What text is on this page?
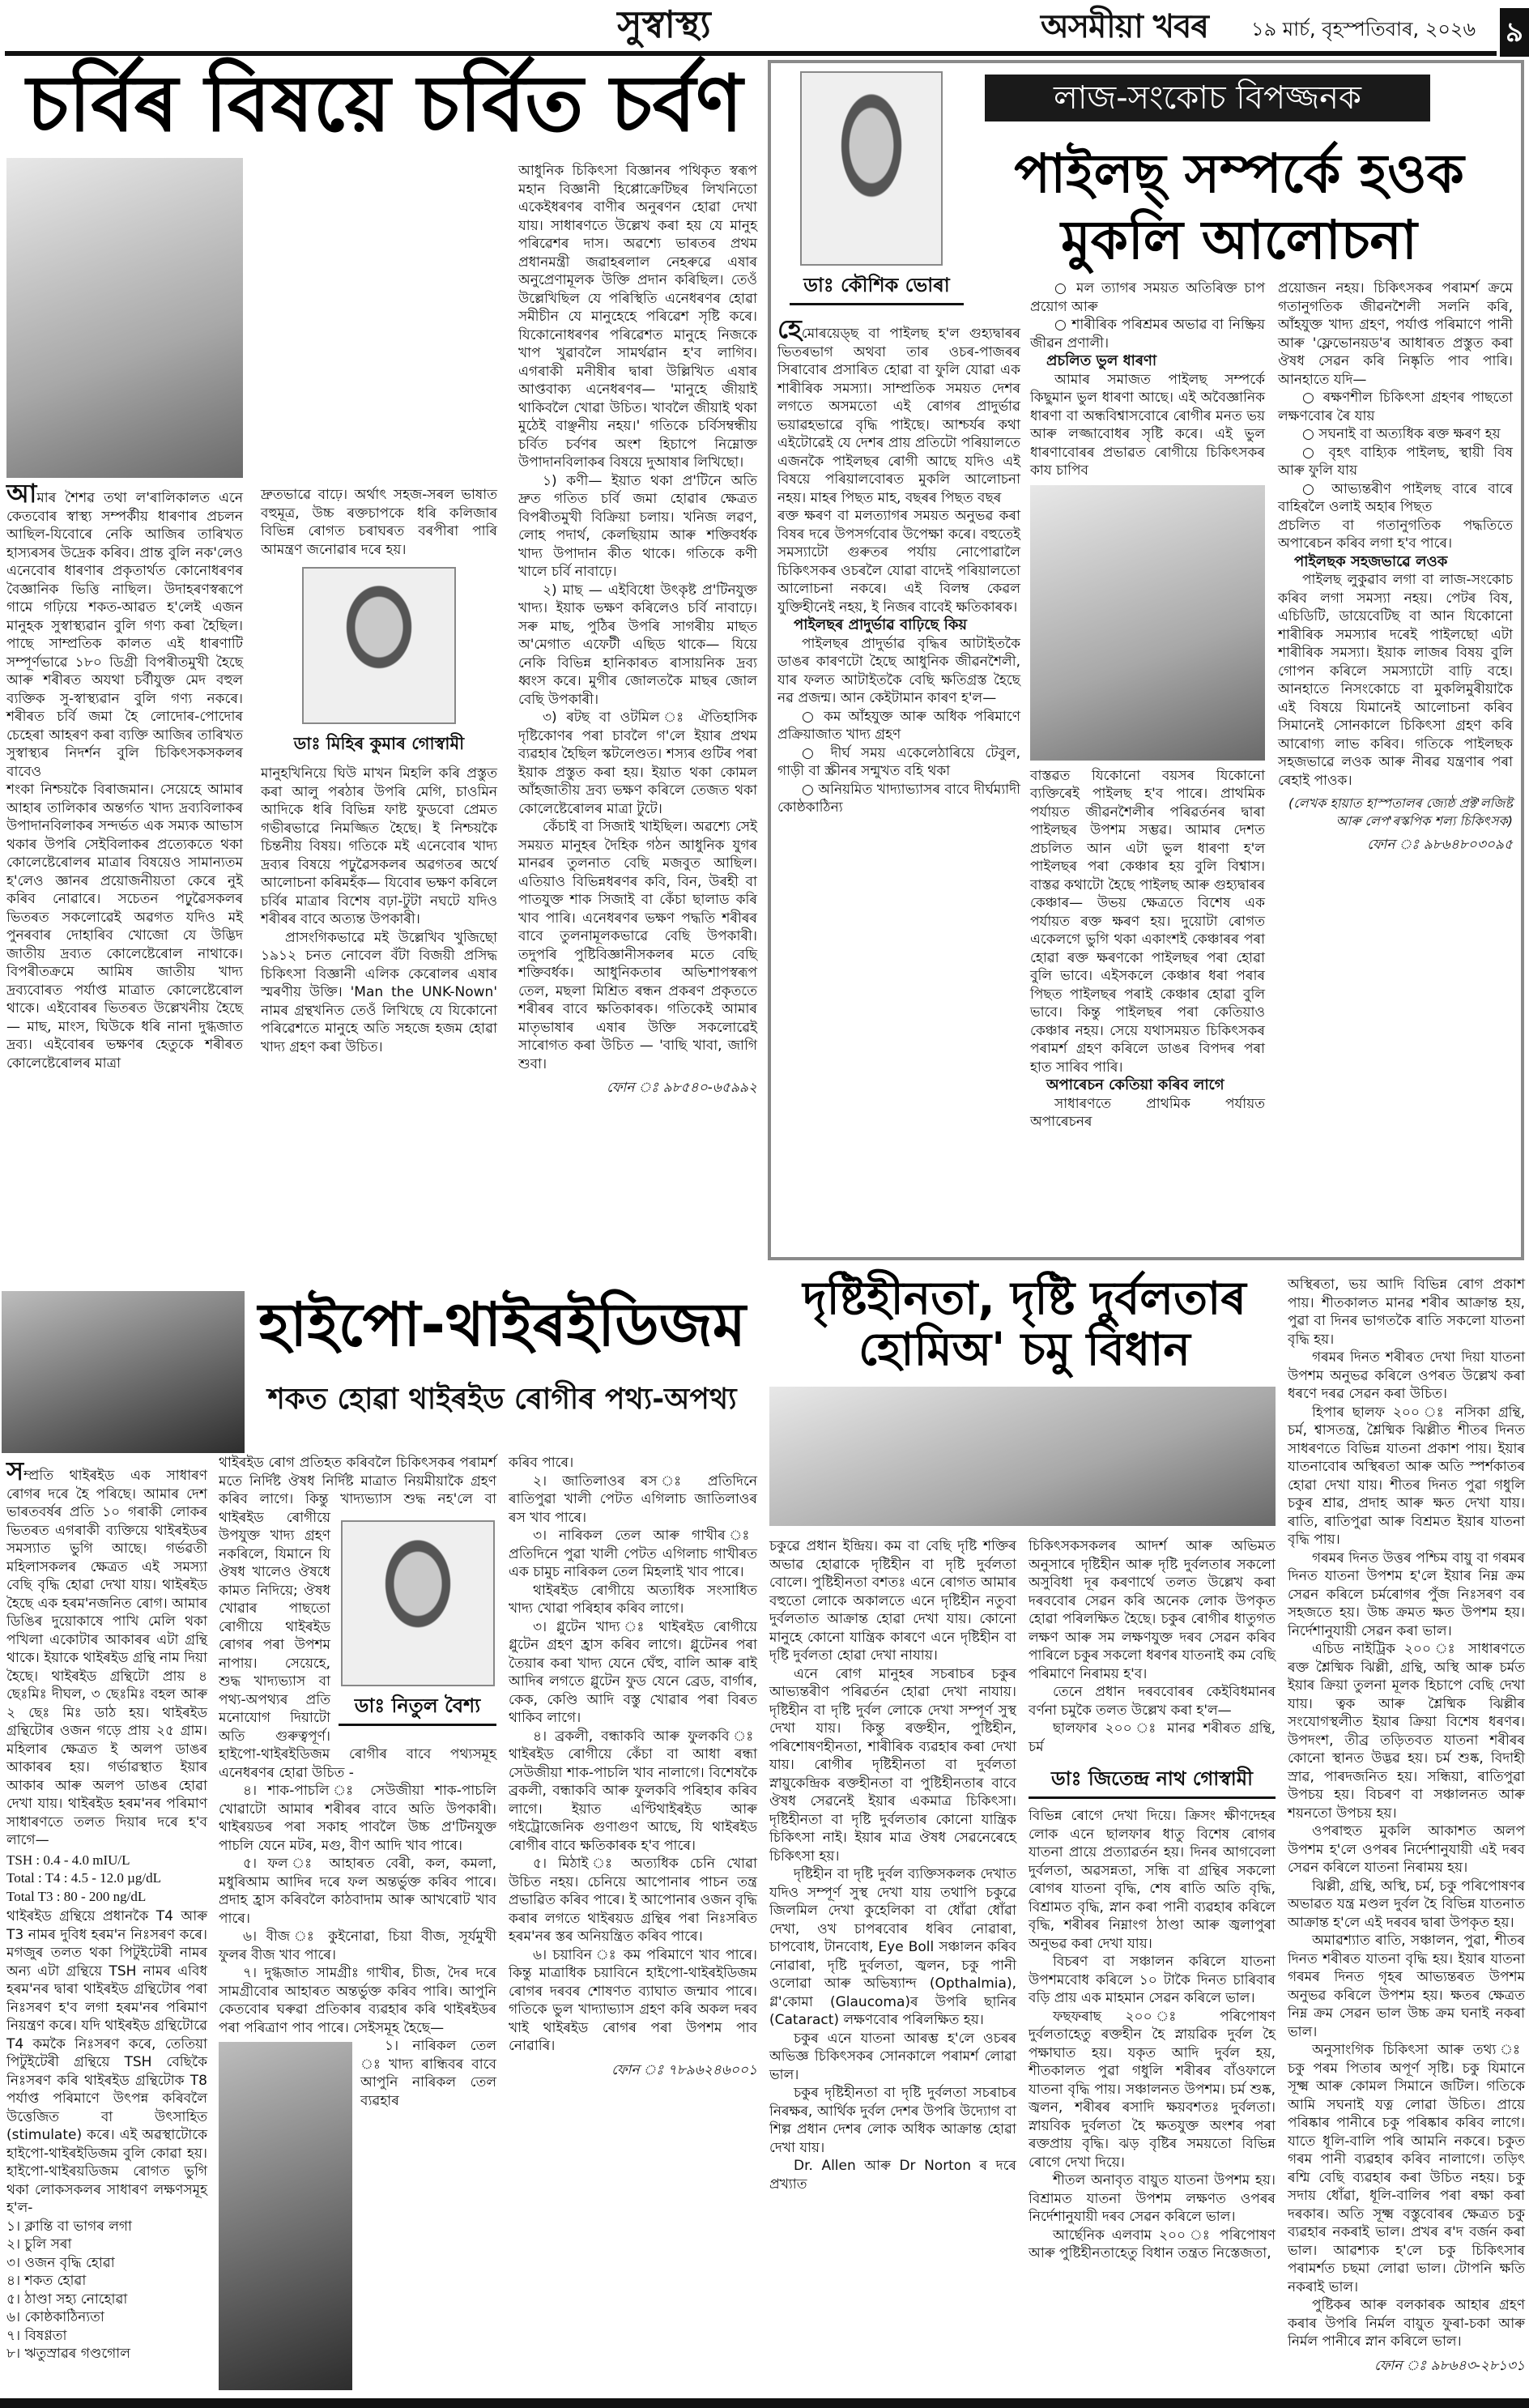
সুস্বাস্থ্য	অসমীয়া খবৰ ১৯ মাৰ্চ, বৃহস্পতিবাৰ, ২০২৬ ৯
চৰ্বিৰ বিষয়ে চৰ্বিত চৰ্বণ

আমাৰ শৈশৱ তথা ল'ৰালিকালত এনে কেতবোৰ স্বাস্থ্য সম্পৰ্কীয় ধাৰণাৰ প্ৰচলন আছিল-যিবোৰে নেকি আজিৰ তাৰিখত হাস্যৰসৰ উদ্ৰেক কৰিব। প্ৰান্ত বুলি নক'লেও এনেবোৰ ধাৰণাৰ প্ৰকৃতাৰ্থত কোনোধৰণৰ বৈজ্ঞানিক ভিত্তি নাছিল। উদাহৰণস্বৰূপে গামে গঢ়িয়ে শকত-আৱত হ'লেই এজন মানুহক সুস্বাস্থ্যৱান বুলি গণ্য কৰা হৈছিল। পাছে সাম্প্ৰতিক কালত এই ধাৰণাটি সম্পূৰ্ণভাৱে ১৮০ ডিগ্ৰী বিপৰীতমুখী হৈছে আৰু শৰীৰত অযথা চৰ্বীযুক্ত মেদ বহুল ব্যক্তিক সু-স্বাস্থ্যৱান বুলি গণ্য নকৰে। শৰীৰত চৰ্বি জমা হৈ লোদোৰ-পোদোৰ চেহেৰা আহৰণ কৰা ব্যক্তি আজিৰ তাৰিখত সুস্বাস্থ্যৰ নিদৰ্শন বুলি চিকিৎসকসকলৰ বাবেও

শংকা নিশ্চয়কৈ বিৰাজমান। সেয়েহে আমাৰ আহাৰ তালিকাৰ অন্তৰ্গত খাদ্য দ্ৰব্যবিলাকৰ উপাদানবিলাকৰ সন্দৰ্ভত এক সম্যক আভাস থকাৰ উপৰি সেইবিলাকৰ প্ৰত্যেকতে থকা কোলেষ্টেৰোলৰ মাত্ৰাৰ বিষয়েও সামান্যতম হ'লেও জ্ঞানৰ প্ৰয়োজনীয়তা কেৰে নুই কৰিব নোৱাৰে। সচেতন পঢ়ুৱৈসকলৰ ভিতৰত সকলোৱেই অৱগত যদিও মই পুনৰবাৰ দোহাৰিব খোজো যে উদ্ভিদ জাতীয় দ্ৰব্যত কোলেষ্টেৰোল নাথাকে। বিপৰীতক্ৰমে আমিষ জাতীয় খাদ্য দ্ৰব্যবোৰত পৰ্যাপ্ত মাত্ৰাত কোলেষ্টেৰোল থাকে। এইবোৰৰ ভিতৰত উল্লেখনীয় হৈছে— মাছ, মাংস, ঘিউকে ধৰি নানা দুগ্ধজাত দ্ৰব্য। এইবোৰৰ ভক্ষণৰ হেতুকে শৰীৰত কোলেষ্টেৰোলৰ মাত্ৰা

দ্ৰুতভাৱে বাঢ়ে। অৰ্থাৎ সহজ-সৰল ভাষাত বহুমূত্ৰ, উচ্চ ৰক্তচাপকে ধৰি কলিজাৰ বিভিন্ন ৰোগত চৰাঘৰত বৰপীৰা পাৰি আমন্ত্ৰণ জনোৱাৰ দৰে হয়।

ডাঃ মিহিৰ কুমাৰ গোস্বামী

মানুহখিনিয়ে ঘিউ মাখন মিহলি কৰি প্ৰস্তুত কৰা আলু পৰঠাৰ উপৰি মেগি, চাওমিন আদিকে ধৰি বিভিন্ন ফাষ্ট ফুডবো প্ৰেমত গভীৰভাৱে নিমজ্জিত হৈছে। ই নিশ্চয়কৈ চিন্তনীয় বিষয়। গতিকে মই এনেবোৰ খাদ্য দ্ৰব্যৰ বিষয়ে পঢ়ুৱৈসকলৰ অৱগতৰ অৰ্থে আলোচনা কৰিমহঁক— যিবোৰ ভক্ষণ কৰিলে চৰ্বিৰ মাত্ৰাৰ বিশেষ বঢ়া-টুটা নঘটে যদিও শৰীৰৰ বাবে অত্যন্ত উপকাৰী।

প্ৰাসংগিকভাৱে মই উল্লেখিব খুজিছো ১৯১২ চনত নোবেল বঁটা বিজয়ী প্ৰসিদ্ধ চিকিৎসা বিজ্ঞানী এলিক কেৰোলৰ এষাৰ স্মৰণীয় উক্তি। 'Man the UNK-Nown' নামৰ গ্ৰন্থখনিত তেওঁ লিখিছে যে যিকোনো পৰিৱেশতে মানুহে অতি সহজে হজম হোৱা খাদ্য গ্ৰহণ কৰা উচিত।

আধুনিক চিকিৎসা বিজ্ঞানৰ পথিকৃত স্বৰূপ মহান বিজ্ঞানী হিপ্পোক্ৰেটিছৰ লিখনিতো একেইধৰণৰ বাণীৰ অনুৰণন হোৱা দেখা যায়। সাধাৰণতে উল্লেখ কৰা হয় যে মানুহ পৰিৱেশৰ দাস। অৱশ্যে ভাৰতৰ প্ৰথম প্ৰধানমন্ত্ৰী জৱাহৰলাল নেহৰুৱে এষাৰ অনুপ্ৰেণামূলক উক্তি প্ৰদান কৰিছিল। তেওঁ উল্লেখিছিল যে পৰিস্থিতি এনেধৰণৰ হোৱা সমীচীন যে মানুহেহে পৰিৱেশ সৃষ্টি কৰে। যিকোনোধৰণৰ পৰিৱেশত মানুহে নিজকে খাপ খুৱাবলৈ সামৰ্থৱান হ'ব লাগিব। এগৰাকী মনীষীৰ দ্বাৰা উল্লিখিত এষাৰ আপ্তবাক্য এনেধৰণৰ— 'মানুহে জীয়াই থাকিবলৈ খোৱা উচিত। খাবলৈ জীয়াই থকা মুঠেই বাঞ্ছনীয় নহয়।' গতিকে চৰ্বিসম্বন্ধীয় চৰ্বিত চৰ্বণৰ অংশ হিচাপে নিম্নোক্ত উপাদানবিলাকৰ বিষয়ে দুআষাৰ লিখিছো।

১) কণী— ইয়াত থকা প্ৰ'টিনে অতি দ্ৰুত গতিত চৰ্বি জমা হোৱাৰ ক্ষেত্ৰত বিপৰীতমুখী বিক্ৰিয়া চলায়। খনিজ লৱণ, লোহ পদাৰ্থ, কেলছিয়াম আৰু শক্তিবৰ্ধক খাদ্য উপাদান কীত থাকে। গতিকে কণী খালে চৰ্বি নাবাঢ়ে।

২) মাছ — এইবিধো উৎকৃষ্ট প্ৰ'টিনযুক্ত খাদ্য। ইয়াক ভক্ষণ কৰিলেও চৰ্বি নাবাঢ়ে। সৰু মাছ, পুঠিৰ উপৰি সাগৰীয় মাছত অ'মেগাত এফেটী এছিড থাকে— যিয়ে নেকি বিভিন্ন হানিকাৰত ৰাসায়নিক দ্ৰব্য ধ্বংস কৰে। মুগীৰ জোলতকৈ মাছৰ জোল বেছি উপকাৰী।

৩) ৰটছ বা ওটমিল ঃ ঐতিহাসিক দৃষ্টিকোণৰ পৰা চাবলৈ গ'লে ইয়াৰ প্ৰথম ব্যৱহাৰ হৈছিল স্কটলেণ্ডত। শস্যৰ গুটিৰ পৰা ইয়াক প্ৰস্তুত কৰা হয়। ইয়াত থকা কোমল আঁহজাতীয় দ্ৰব্য ভক্ষণ কৰিলে তেজত থকা কোলেষ্টেৰোলৰ মাত্ৰা টুটে।

কেঁচাই বা সিজাই খাইছিল। অৱশ্যে সেই সময়ত মানুহৰ দৈহিক গঠন আধুনিক যুগৰ মানৱৰ তুলনাত বেছি মজবুত আছিল। এতিয়াও বিভিন্নধৰণৰ কবি, বিন, উৰহী বা পাতযুক্ত শাক সিজাই বা কেঁচা ছালাড কৰি খাব পাৰি। এনেধৰণৰ ভক্ষণ পদ্ধতি শৰীৰৰ বাবে তুলনামূলকভাৱে বেছি উপকাৰী। তদুপৰি পুষ্টিবিজ্ঞানীসকলৰ মতে বেছি শক্তিবৰ্ধক। আধুনিকতাৰ অভিশাপস্বৰূপ তেল, মছলা মিশ্ৰিত ৰন্ধন প্ৰকৰণ প্ৰকৃততে শৰীৰৰ বাবে ক্ষতিকাৰক। গতিকেই আমাৰ মাতৃভাষাৰ এষাৰ উক্তি সকলোৱেই সাৰোগত কৰা উচিত — 'বাছি খাবা, জাগি শুবা।

ফোন ঃ ৯৮৫৪০-৬৫৯৯২
ডাঃ কৌশিক ভোৰা
লাজ-সংকোচ বিপজ্জনক
পাইলছ্‌ সম্পৰ্কে হওক
মুকলি আলোচনা

হেমোৰয়েড্‌ছ বা পাইলছ হ'ল গুহ্যদ্বাৰৰ ভিতৰভাগ অথবা তাৰ ওচৰ-পাজৰৰ সিৰাবোৰ প্ৰসাৰিত হোৱা বা ফুলি যোৱা এক শাৰীৰিক সমস্যা। সাম্প্ৰতিক সময়ত দেশৰ লগতে অসমতো এই ৰোগৰ প্ৰাদুৰ্ভাৱ ভয়াৱহভাৱে বৃদ্ধি পাইছে। আশ্চৰ্যৰ কথা এইটোৱেই যে দেশৰ প্ৰায় প্ৰতিটো পৰিয়ালতে এজনকৈ পাইলছৰ ৰোগী আছে যদিও এই বিষয়ে পৰিয়ালবোৰত মুকলি আলোচনা নহয়। মাহৰ পিছত মাহ, বছৰৰ পিছত বছৰ

ৰক্ত ক্ষৰণ বা মলত্যাগৰ সময়ত অনুভৱ কৰা বিষৰ দৰে উপসৰ্গবোৰ উপেক্ষা কৰে। বহুতেই সমস্যাটো গুৰুতৰ পৰ্যায় নোপোৱালৈ চিকিৎসকৰ ওচৰলৈ যোৱা বাদেই পৰিয়ালতো আলোচনা নকৰে। এই বিলম্ব কেৱল যুক্তিহীনেই নহয়, ই নিজৰ বাবেই ক্ষতিকাৰক।

পাইলছৰ প্ৰাদুৰ্ভাৱ বাঢ়িছে কিয়

পাইলছৰ প্ৰাদুৰ্ভাৱ বৃদ্ধিৰ আটাইতকৈ ডাঙৰ কাৰণটো হৈছে আধুনিক জীৱনশৈলী, যাৰ ফলত আটাইতকৈ বেছি ক্ষতিগ্ৰস্ত হৈছে নৱ প্ৰজন্ম। আন কেইটামান কাৰণ হ'ল—

○ কম আঁহযুক্ত আৰু অধিক পৰিমাণে প্ৰক্ৰিয়াজাত খাদ্য গ্ৰহণ

○ দীৰ্ঘ সময় একেলেঠাৰিয়ে টেবুল, গাড়ী বা স্ক্ৰীনৰ সন্মুখত বহি থকা

○ অনিয়মিত খাদ্যাভ্যাসৰ বাবে দীৰ্ঘম্যাদী কোষ্ঠকাঠিন্য

○ মল ত্যাগৰ সময়ত অতিৰিক্ত চাপ প্ৰয়োগ আৰু

○ শাৰীৰিক পৰিশ্ৰমৰ অভাৱ বা নিষ্ক্ৰিয় জীৱন প্ৰণালী।

প্ৰচলিত ভুল ধাৰণা

আমাৰ সমাজত পাইলছ সম্পৰ্কে কিছুমান ভুল ধাৰণা আছে। এই অবৈজ্ঞানিক ধাৰণা বা অন্ধবিশ্বাসবোৰে ৰোগীৰ মনত ভয় আৰু লজ্জাবোধৰ সৃষ্টি কৰে। এই ভুল ধাৰণাবোৰৰ প্ৰভাৱত ৰোগীয়ে চিকিৎসকৰ কায চাপিব

বাস্তৱত যিকোনো বয়সৰ যিকোনো ব্যক্তিৰেই পাইলছ হ'ব পাৰে। প্ৰাথমিক পৰ্যায়ত জীৱনশৈলীৰ পৰিৱৰ্তনৰ দ্বাৰা পাইলছৰ উপশম সম্ভৱ। আমাৰ দেশত প্ৰচলিত আন এটা ভুল ধাৰণা হ'ল পাইলছৰ পৰা কেঞ্চাৰ হয় বুলি বিশ্বাস। বাস্তৱ কথাটো হৈছে পাইলছ আৰু গুহ্যদ্বাৰৰ কেঞ্চাৰ— উভয় ক্ষেত্ৰতে বিশেষ এক পৰ্যায়ত ৰক্ত ক্ষৰণ হয়। দুয়োটা ৰোগত একেলগে ভুগি থকা একাংশই কেঞ্চাৰৰ পৰা হোৱা ৰক্ত ক্ষৰণকো পাইলছৰ পৰা হোৱা বুলি ভাবে। এইসকলে কেঞ্চাৰ ধৰা পৰাৰ পিছত পাইলছৰ পৰাই কেঞ্চাৰ হোৱা বুলি ভাবে। কিন্তু পাইলছৰ পৰা কেতিয়াও কেঞ্চাৰ নহয়। সেয়ে যথাসময়ত চিকিৎসকৰ পৰামৰ্শ গ্ৰহণ কৰিলে ডাঙৰ বিপদৰ পৰা হাত সাৰিব পাৰি।

অপাৰেচন কেতিয়া কৰিব লাগে

সাধাৰণতে প্ৰাথমিক পৰ্যায়ত অপাৰেচনৰ

প্ৰয়োজন নহয়। চিকিৎসকৰ পৰামৰ্শ ক্ৰমে গতানুগতিক জীৱনশৈলী সলনি কৰি, আঁহযুক্ত খাদ্য গ্ৰহণ, পৰ্যাপ্ত পৰিমাণে পানী আৰু 'ফ্লেভোনয়ড'ৰ আধাৰত প্ৰস্তুত কৰা ঔষধ সেৱন কৰি নিষ্কৃতি পাব পাৰি। আনহাতে যদি—

○ ৰক্ষণশীল চিকিৎসা গ্ৰহণৰ পাছতো লক্ষণবোৰ ৰৈ যায়

○ সঘনাই বা অত্যধিক ৰক্ত ক্ষৰণ হয়

○ বৃহৎ বাহ্যিক পাইলছ, স্থায়ী বিষ আৰু ফুলি যায়

○ আভ্যন্তৰীণ পাইলছ বাৰে বাৰে বাহিৰলৈ ওলাই অহাৰ পিছত

প্ৰচলিত বা গতানুগতিক পদ্ধতিতে অপাৰেচন কৰিব লগা হ'ব পাৰে।

পাইলছক সহজভাৱে লওক

পাইলছ লুকুৱাব লগা বা লাজ-সংকোচ কৰিব লগা সমস্যা নহয়। পেটৰ বিষ, এচিডিটি, ডায়েবেটিছ বা আন যিকোনো শাৰীৰিক সমস্যাৰ দৰেই পাইলছো এটা শাৰীৰিক সমস্যা। ইয়াক লাজৰ বিষয় বুলি গোপন কৰিলে সমস্যাটো বাঢ়ি বহে। আনহাতে নিসংকোচে বা মুকলিমুৰীয়াকৈ এই বিষয়ে যিমানেই আলোচনা কৰিব সিমানেই সোনকালে চিকিৎসা গ্ৰহণ কৰি আৰোগ্য লাভ কৰিব। গতিকে পাইলছক সহজভাৱে লওক আৰু নীৰৱ যন্ত্ৰণাৰ পৰা ৰেহাই পাওক।

(লেখক হায়াত হাস্পতালৰ জ্যেষ্ঠ প্ৰক্ট'লজিষ্ট আৰু লেপ'ৰস্কপিক শল্য চিকিৎসক)
ফোন ঃ ৯৮৬৪৮০৩০৯৫
হাইপো-থাইৰইডিজম
শকত হোৱা থাইৰইড ৰোগীৰ পথ্য-অপথ্য

সম্প্ৰতি থাইৰইড এক সাধাৰণ ৰোগৰ দৰে হৈ পৰিছে। আমাৰ দেশ ভাৰতবৰ্ষৰ প্ৰতি ১০ গৰাকী লোকৰ ভিতৰত এগৰাকী ব্যক্তিয়ে থাইৰইডৰ সমস্যাত ভুগি আছে। গৰ্ভৱতী মহিলাসকলৰ ক্ষেত্ৰত এই সমস্যা বেছি বৃদ্ধি হোৱা দেখা যায়। থাইৰইড হৈছে এক হৰম'নজনিত ৰোগ। আমাৰ ডিঙিৰ দুয়োকাষে পাখি মেলি থকা পখিলা একোটাৰ আকাৰৰ এটা গ্ৰন্থি থাকে। ইয়াকে থাইৰইড গ্ৰন্থি নাম দিয়া হৈছে। থাইৰইড গ্ৰন্থিটো প্ৰায় ৪ ছেঃমিঃ দীঘল, ৩ ছেঃমিঃ বহল আৰু ২ ছেঃ মিঃ ডাঠ হয়। থাইৰইড গ্ৰন্থিটোৰ ওজন গড়ে প্ৰায় ২৫ গ্ৰাম। মহিলাৰ ক্ষেত্ৰত ই অলপ ডাঙৰ আকাৰৰ হয়। গৰ্ভাৱস্থাত ইয়াৰ আকাৰ আৰু অলপ ডাঙৰ হোৱা দেখা যায়। থাইৰইড হৰম'নৰ পৰিমাণ সাধাৰণতে তলত দিয়াৰ দৰে হ'ব লাগে—

TSH : 0.4 - 4.0 mIU/L
Total : T4 : 4.5 - 12.0 µg/dL
Total T3 : 80 - 200 ng/dL

থাইৰইড গ্ৰন্থিয়ে প্ৰধানকৈ T4 আৰু T3 নামৰ দুবিধ হৰম'ন নিঃসৰণ কৰে। মগজুৰ তলত থকা পিটুইটেৰী নামৰ অন্য এটা গ্ৰন্থিয়ে TSH নামৰ এবিধ হৰম'নৰ দ্বাৰা থাইৰইড গ্ৰন্থিটোৰ পৰা নিঃসৰণ হ'ব লগা হৰম'নৰ পৰিমাণ নিয়ন্ত্ৰণ কৰে। যদি থাইৰইড গ্ৰন্থিটোৱে T4 কমকৈ নিঃসৰণ কৰে, তেতিয়া পিটুইটেৰী গ্ৰন্থিয়ে TSH বেছিকৈ নিঃসৰণ কৰি থাইৰইড গ্ৰন্থিটোক T8 পৰ্যাপ্ত পৰিমাণে উৎপন্ন কৰিবলৈ উত্তেজিত বা উৎসাহিত (stimulate) কৰে। এই অৱস্থাটোকে হাইপো-থাইৰইডিজম বুলি কোৱা হয়। হাইপো-থাইৰয়ডিজম ৰোগত ভুগি থকা লোকসকলৰ সাধাৰণ লক্ষণসমূহ হ'ল-

১। ক্লান্তি বা ভাগৰ লগা

২। চুলি সৰা

৩। ওজন বৃদ্ধি হোৱা

৪। শকত হোৱা

৫। ঠাণ্ডা সহ্য নোহোৱা

৬। কোষ্ঠকাঠিন্যতা

৭। বিষণ্ণতা

৮। ঋতুস্ৰাৱৰ গণ্ডগোল

ডাঃ নিতুল বৈশ্য

থাইৰইড ৰোগ প্ৰতিহত কৰিবলৈ চিকিৎসকৰ পৰামৰ্শ মতে নিৰ্দিষ্ট ঔষধ নিৰ্দিষ্ট মাত্ৰাত নিয়মীয়াকৈ গ্ৰহণ কৰিব লাগে। কিন্তু খাদ্যভ্যাস শুদ্ধ নহ'লে বা থাইৰইড ৰোগীয়ে উপযুক্ত খাদ্য গ্ৰহণ নকৰিলে, যিমানে যি ঔষধ খালেও ঔষধে কামত নিদিয়ে; ঔষধ খোৱাৰ পাছতো ৰোগীয়ে থাইৰইড ৰোগৰ পৰা উপশম নাপায়। সেয়েহে, শুদ্ধ খাদ্যভ্যাস বা পথ্য-অপথ্যৰ প্ৰতি মনোযোগ দিয়াটো অতি গুৰুত্বপূৰ্ণ। হাইপো-থাইৰইডিজম ৰোগীৰ বাবে পথ্যসমূহ এনেধৰণৰ হোৱা উচিত -

৪। শাক-পাচলি ঃ সেউজীয়া শাক-পাচলি খোৱাটো আমাৰ শৰীৰৰ বাবে অতি উপকাৰী। থাইৰয়ডৰ পৰা সকাহ পাবলৈ উচ্চ প্ৰ'টিনযুক্ত পাচলি যেনে মটৰ, মগু, বীণ আদি খাব পাৰে।

৫। ফল ঃ আহাৰত বেৰী, কল, কমলা, মধুৰিআম আদিৰ দৰে ফল অন্তৰ্ভুক্ত কৰিব পাৰে। প্ৰদাহ হ্ৰাস কৰিবলৈ কাঠবাদাম আৰু আখৰোট খাব পাৰে।

৬। বীজ ঃ কুইনোৱা, চিয়া বীজ, সূৰ্যমুখী ফুলৰ বীজ খাব পাৰে।

৭। দুগ্ধজাত সামগ্ৰীঃ গাখীৰ, চীজ, দৈৰ দৰে সামগ্ৰীবোৰ আহাৰত অন্তৰ্ভুক্ত কৰিব পাৰি। আপুনি কেতবোৰ ঘৰুৱা প্ৰতিকাৰ ব্যৱহাৰ কৰি থাইৰইডৰ পৰা পৰিত্ৰাণ পাব পাৰে। সেইসমূহ হৈছে—

১। নাৰিকল তেল ঃ খাদ্য ৰান্ধিবৰ বাবে আপুনি নাৰিকল তেল ব্যৱহাৰ

কৰিব পাৰে।

২। জাতিলাওৰ ৰস ঃ প্ৰতিদিনে ৰাতিপুৱা খালী পেটত এগিলাচ জাতিলাওৰ ৰস খাব পাৰে।

৩। নাৰিকল তেল আৰু গাখীৰ ঃ প্ৰতিদিনে পুৱা খালী পেটত এগিলাচ গাখীৰত এক চামুচ নাৰিকল তেল মিহলাই খাব পাৰে।

থাইৰইড ৰোগীয়ে অত্যধিক সংসাধিত খাদ্য খোৱা পৰিহাৰ কৰিব লাগে।

৩। গ্লুটেন খাদ্য ঃ থাইৰইড ৰোগীয়ে গ্লুটেন গ্ৰহণ হ্ৰাস কৰিব লাগে। গ্লুটেনৰ পৰা তৈয়াৰ কৰা খাদ্য যেনে ঘেঁহু, বালি আৰু ৰাই আদিৰ লগতে গ্লুটেন ফুড যেনে ব্ৰেড, বাৰ্গাৰ, কেক, কেণ্ডি আদি বস্তু খোৱাৰ পৰা বিৰত থাকিব লাগে।

৪। ব্ৰকলী, বন্ধাকবি আৰু ফুলকবি ঃ থাইৰইড ৰোগীয়ে কেঁচা বা আধা ৰন্ধা সেউজীয়া শাক-পাচলি খাব নালাগে। বিশেষকৈ ব্ৰকলী, বন্ধাকবি আৰু ফুলকবি পৰিহাৰ কৰিব লাগে। ইয়াত এণ্টিথাইৰইড আৰু গইট্ৰোজেনিক গুণাগুণ আছে, যি থাইৰইড ৰোগীৰ বাবে ক্ষতিকাৰক হ'ব পাৰে।

৫। মিঠাই ঃ অত্যধিক চেনি খোৱা উচিত নহয়। চেনিয়ে আপোনাৰ পাচন তন্ত্ৰ প্ৰভাৱিত কৰিব পাৰে। ই আপোনাৰ ওজন বৃদ্ধি কৰাৰ লগতে থাইৰয়ড গ্ৰন্থিৰ পৰা নিঃসৰিত হৰম'নৰ স্তৰ অনিয়ন্ত্ৰিত কৰিব পাৰে।

৬। চয়াবিন ঃ কম পৰিমাণে খাব পাৰে। কিন্তু মাত্ৰাধিক চয়াবিনে হাইপো-থাইৰইডিজম ৰোগৰ দৰবৰ শোষণত ব্যাঘাত জন্মাব পাৰে। গতিকে ভুল খাদ্যাভ্যাস গ্ৰহণ কৰি অকল দৰব খাই থাইৰইড ৰোগৰ পৰা উপশম পাব নোৱাৰি।

ফোন ঃ ৭৮৯৬২৪৬০০১
দৃষ্টিহীনতা, দৃষ্টি দুৰ্বলতাৰ
হোমিঅ' চমু বিধান

চকুৱে প্ৰধান ইন্দ্ৰিয়। কম বা বেছি দৃষ্টি শক্তিৰ অভাৱ হোৱাকে দৃষ্টিহীন বা দৃষ্টি দুৰ্বলতা বোলে। পুষ্টিহীনতা বশতঃ এনে ৰোগত আমাৰ বহুতো লোকে অকালতে এনে দৃষ্টিহীন নতুবা দুৰ্বলতাত আক্ৰান্ত হোৱা দেখা যায়। কোনো মানুহে কোনো যান্ত্ৰিক কাৰণে এনে দৃষ্টিহীন বা দৃষ্টি দুৰ্বলতা হোৱা দেখা নাযায়।

এনে ৰোগ মানুহৰ সচৰাচৰ চকুৰ আভ্যন্তৰীণ পৰিৱৰ্তন হোৱা দেখা নাযায়। দৃষ্টিহীন বা দৃষ্টি দুৰ্বল লোকে দেখা সম্পূৰ্ণ সুস্থ দেখা যায়। কিন্তু ৰক্তহীন, পুষ্টিহীন, পৰিশোষণহীনতা, শাৰীৰিক ব্যৱহাৰ কৰা দেখা যায়। ৰোগীৰ দৃষ্টিহীনতা বা দুৰ্বলতা স্নায়ুকেন্দ্ৰিক ৰক্তহীনতা বা পুষ্টিহীনতাৰ বাবে ঔষধ সেৱনেই ইয়াৰ একমাত্ৰ চিকিৎসা। দৃষ্টিহীনতা বা দৃষ্টি দুৰ্বলতাৰ কোনো যান্ত্ৰিক চিকিৎসা নাই। ইয়াৰ মাত্ৰ ঔষধ সেৱনেৰেহে চিকিৎসা হয়।

দৃষ্টিহীন বা দৃষ্টি দুৰ্বল ব্যক্তিসকলক দেখাত যদিও সম্পূৰ্ণ সুস্থ দেখা যায় তথাপি চকুৱে জিলমিল দেখা কুহেলিকা বা ধোঁৱা ধোঁৱা দেখা, ওখ চাপৰবোৰ ধৰিব নোৱাৰা, চাপবোধ, টানবোধ, Eye Boll সঞ্চালন কৰিব নোৱাৰা, দৃষ্টি দুৰ্বলতা, জ্বলন, চকু পানী ওলোৱা আৰু অভিষ্যান্দ (Opthalmia), গ্ল'কোমা (Glaucoma)ৰ উপৰি ছানিৰ (Cataract) লক্ষণবোৰ পৰিলক্ষিত হয়।

চকুৰ এনে যাতনা আৰম্ভ হ'লে ওচৰৰ অভিজ্ঞ চিকিৎসকৰ সোনকালে পৰামৰ্শ লোৱা ভাল।

চকুৰ দৃষ্টিহীনতা বা দৃষ্টি দুৰ্বলতা সচৰাচৰ নিৰক্ষৰ, আৰ্থিক দুৰ্বল দেশৰ উপৰি উদ্যোগ বা শিল্প প্ৰধান দেশৰ লোক অধিক আক্ৰান্ত হোৱা দেখা যায়।

Dr. Allen আৰু Dr Norton ৰ দৰে প্ৰখ্যাত

চিকিৎসকসকলৰ আদৰ্শ আৰু অভিমত অনুসাৰে দৃষ্টিহীন আৰু দৃষ্টি দুৰ্বলতাৰ সকলো অসুবিধা দূৰ কৰণাৰ্থে তলত উল্লেখ কৰা দৰববোৰ সেৱন কৰি অনেক লোক উপকৃত হোৱা পৰিলক্ষিত হৈছে। চকুৰ ৰোগীৰ ধাতুগত লক্ষণ আৰু সম লক্ষণযুক্ত দৰব সেৱন কৰিব পাৰিলে চকুৰ সকলো ধৰণৰ যাতনাই কম বেছি পৰিমাণে নিৰাময় হ'ব।

তেনে প্ৰধান দৰববোৰৰ কেইবিধমানৰ বৰ্ণনা চমুকৈ তলত উল্লেখ কৰা হ'ল—

ছালফাৰ ২০০ ঃ মানৱ শৰীৰত গ্ৰন্থি, চৰ্ম

ডাঃ জিতেন্দ্ৰ নাথ গোস্বামী

বিভিন্ন ৰোগে দেখা দিয়ে। ক্ৰিসং ক্ষীণদেহৰ লোক এনে ছালফাৰ ধাতু বিশেষ ৰোগৰ যাতনা প্ৰায়ে প্ৰত্যাৱৰ্তন হয়। দিনৰ আগবেলা দুৰ্বলতা, অৱসন্নতা, সন্ধি বা গ্ৰন্থিৰ সকলো ৰোগৰ যাতনা বৃদ্ধি, শেষ ৰাতি অতি বৃদ্ধি, বিশ্ৰামত বৃদ্ধি, স্নান কৰা পানী ব্যৱহাৰ কৰিলে বৃদ্ধি, শৰীৰৰ নিম্নাংগ ঠাণ্ডা আৰু জ্বলাপুৰা অনুভৱ কৰা দেখা যায়।

বিচৰণ বা সঞ্চালন কৰিলে যাতনা উপশমবোধ কৰিলে ১০ টাকৈ দিনত চাৰিবাৰ বড়ি প্ৰায় এক মাহমান সেৱন কৰিলে ভাল।

ফছফৰাছ ২০০ ঃ পৰিপোষণ দুৰ্বলতাহেতু ৰক্তহীন হৈ স্নায়ৱিক দুৰ্বল হৈ পক্ষাঘাত হয়। যকৃত আদি দুৰ্বল হয়, শীতকালত পুৱা গধুলি শৰীৰৰ বাঁওফালে যাতনা বৃদ্ধি পায়। সঞ্চালনত উপশম। চৰ্ম শুষ্ক, জ্বলন, শৰীৰৰ ৰসাদি ক্ষয়বশতঃ দুৰ্বলতা। স্নায়বিক দুৰ্বলতা হৈ ক্ষতযুক্ত অংশৰ পৰা ৰক্তপ্ৰায় বৃদ্ধি। ঝড় বৃষ্টিৰ সময়তো বিভিন্ন ৰোগে দেখা দিয়ে।

শীতল অনাবৃত বায়ুত যাতনা উপশম হয়। বিশ্ৰামত যাতনা উপশম লক্ষণত ওপৰৰ নিৰ্দেশানুযায়ী দৰব সেৱন কৰিলে ভাল।

আৰ্ছেনিক এলবাম ২০০ ঃ পৰিপোষণ আৰু পুষ্টিহীনতাহেতু বিধান তন্ত্ৰত নিস্তেজতা,

অস্থিৰতা, ভয় আদি বিভিন্ন ৰোগ প্ৰকাশ পায়। শীতকালত মানৱ শৰীৰ আক্ৰান্ত হয়, পুৱা বা দিনৰ ভাগতকৈ ৰাতি সকলো যাতনা বৃদ্ধি হয়।

গৰমৰ দিনত শৰীৰত দেখা দিয়া যাতনা উপশম অনুভৱ কৰিলে ওপৰত উল্লেখ কৰা ধৰণে দৰৱ সেৱন কৰা উচিত।

হিপাৰ ছালফ ২০০ ঃ নসিকা গ্ৰন্থি, চৰ্ম, শ্বাসতন্ত্ৰ, শ্লৈষ্মিক ঝিল্লীত শীতৰ দিনত সাধৰণতে বিভিন্ন যাতনা প্ৰকাশ পায়। ইয়াৰ যাতনাবোৰ অস্থিৰতা আৰু অতি স্পৰ্শকাতৰ হোৱা দেখা যায়। শীতৰ দিনত পুৱা গধুলি চকুৰ শ্ৰাৱ, প্ৰদাহ আৰু ক্ষত দেখা যায়। ৰাতি, ৰাতিপুৱা আৰু বিশ্ৰমত ইয়াৰ যাতনা বৃদ্ধি পায়।

গৰমৰ দিনত উত্তৰ পশ্চিম বায়ু বা গৰমৰ দিনত যাতনা উপশম হ'লে ইয়াৰ নিম্ন ক্ৰম সেৱন কৰিলে চৰ্মৰোগৰ পুঁজ নিঃসৰণ বৰ সহজতে হয়। উচ্চ ক্ৰমত ক্ষত উপশম হয়। নিৰ্দেশানুযায়ী সেৱন কৰা ভাল।

এচিড নাইট্ৰিক ২০০ ঃ সাধাৰণতে ৰক্ত শ্লৈষ্মিক ঝিল্লী, গ্ৰন্থি, অস্থি আৰু চৰ্মত ইয়াৰ ক্ৰিয়া তুলনা মূলক হিচাপে বেছি দেখা যায়। ত্বক আৰু শ্লৈষ্মিক ঝিল্লীৰ সংযোগস্থলীত ইয়াৰ ক্ৰিয়া বিশেষ ধৰণৰ। উপদংশ, তীব্ৰ তড়িতবত যাতনা শৰীৰৰ কোনো স্থানত উদ্ভৱ হয়। চৰ্ম শুষ্ক, বিদাহী স্ৰাৱ, পাৰদজনিত হয়। সন্ধিয়া, ৰাতিপুৱা উপচয় হয়। বিচৰণ বা সঞ্চালনত আৰু শয়নতো উপচয় হয়।

ওপৰাহুত মুকলি আকাশত অলপ উপশম হ'লে ওপৰৰ নিৰ্দেশানুযায়ী এই দৰব সেৱন কৰিলে যাতনা নিৰাময় হয়।

ঝিল্লী, গ্ৰন্থি, অস্থি, চৰ্ম, চকু পৰিপোষণৰ অভাৱত যন্ত্ৰ মণ্ডল দুৰ্বল হৈ বিভিন্ন যাতনাত আক্ৰান্ত হ'লে এই দৰবৰ দ্বাৰা উপকৃত হয়।

অমাৱশ্যাত ৰাতি, সঞ্চালন, পুৱা, শীতৰ দিনত শৰীৰত যাতনা বৃদ্ধি হয়। ইয়াৰ যাতনা গৰমৰ দিনত গৃহৰ আভ্যন্তৰত উপশম অনুভৱ কৰিলে উপশম হয়। ক্ষতৰ ক্ষেত্ৰত নিম্ন ক্ৰম সেৱন ভাল উচ্চ ক্ৰম ঘনাই নকৰা ভাল।

অনুসাংগিক চিকিৎসা আৰু তথ্য ঃ চকু পৰম পিতাৰ অপূৰ্ণ সৃষ্টি। চকু যিমানে সূক্ষ্ম আৰু কোমল সিমানে জটিল। গতিকে আমি সঘনাই যত্ন লোৱা উচিত। প্ৰায়ে পৰিষ্কাৰ পানীৰে চকু পৰিষ্কাৰ কৰিব লাগে। যাতে ধূলি-বালি পৰি আমনি নকৰে। চকুত গৰম পানী ব্যৱহাৰ কৰিব নালাগে। তড়িৎ ৰশ্মি বেছি ব্যৱহাৰ কৰা উচিত নহয়। চকু সদায় ধোঁৱা, ধূলি-বালিৰ পৰা ৰক্ষা কৰা দৰকাৰ। অতি সূক্ষ্ম বস্তুবোৰৰ ক্ষেত্ৰত চকু ব্যৱহাৰ নকৰাই ভাল। প্ৰখৰ ৰ'দ বৰ্জন কৰা ভাল। আৱশ্যক হ'লে চকু চিকিৎসাৰ পৰামৰ্শত চছমা লোৱা ভাল। টোপনি ক্ষতি নকৰাই ভাল।

পুষ্টিকৰ আৰু বলকাৰক আহাৰ গ্ৰহণ কৰাৰ উপৰি নিৰ্মল বায়ুত ফুৰা-চকা আৰু নিৰ্মল পানীৰে স্নান কৰিলে ভাল।

ফোন ঃ ৯৮৬৪৩-২৮১৩১
